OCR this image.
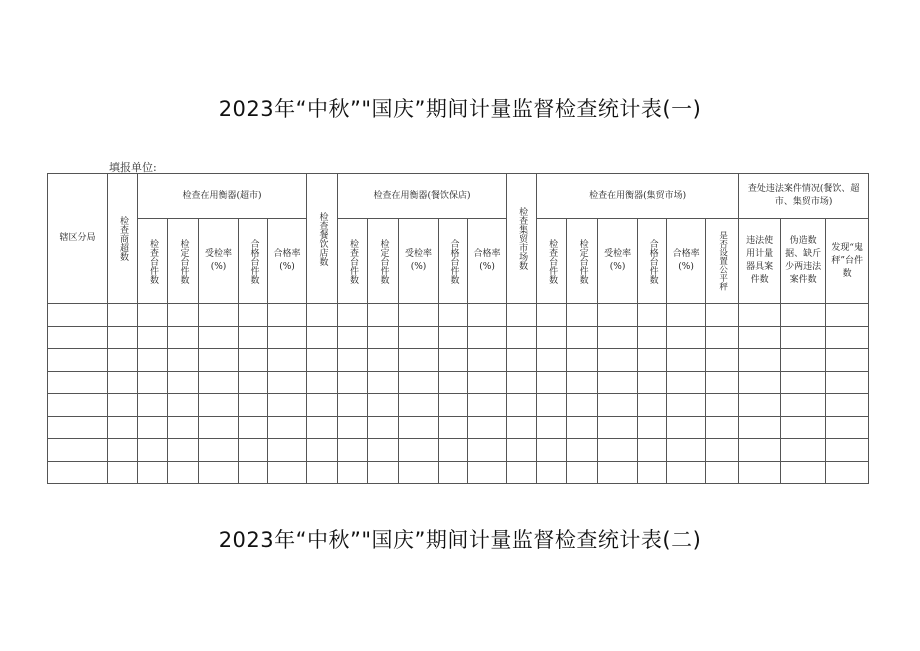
2023年“中秋”"国庆”期间计量监督检查统计表(一)
填报单位:
辖区分局	检查商超数	检查在用衡器(超市)					检查餐饮店数	检查在用衡器(餐饮保店)					检查集贸市场数	检查在用衡器(集贸市场)						查处违法案件情况(餐饮、超市、集贸市场)		

		检查台件数	检定台件数	受检率(%)	合格台件数	合格率(%)		检查台件数	检定台件数	受检率(%)	合格台件数	合格率(%)		检查台件数	检定台件数	受检率(%)	合格台件数	合格率(%)	是否设置公平秤	违法使用计量器具案件数	伪造数据、缺斤少两违法案件数	发现“鬼秤”台件数

2023年“中秋”"国庆”期间计量监督检查统计表(二)
